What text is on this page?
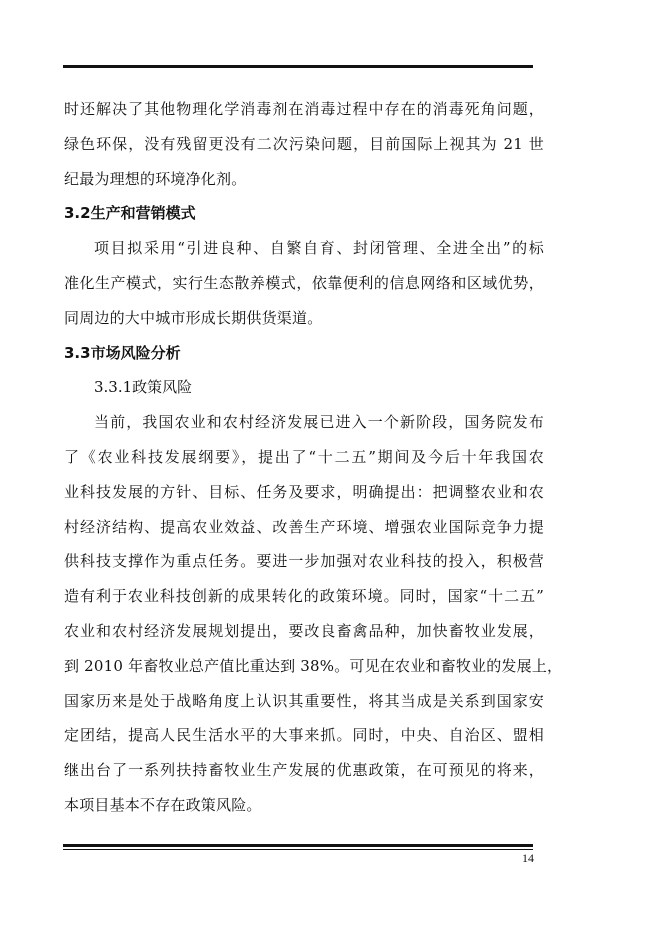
时还解决了其他物理化学消毒剂在消毒过程中存在的消毒死角问题，
绿色环保，没有残留更没有二次污染问题，目前国际上视其为 21 世
纪最为理想的环境净化剂。
3.2生产和营销模式
项目拟采用“引进良种、自繁自育、封闭管理、全进全出”的标
准化生产模式，实行生态散养模式，依靠便利的信息网络和区域优势，
同周边的大中城市形成长期供货渠道。
3.3市场风险分析
3.3.1政策风险
当前，我国农业和农村经济发展已进入一个新阶段，国务院发布
了《农业科技发展纲要》，提出了“十二五”期间及今后十年我国农
业科技发展的方针、目标、任务及要求，明确提出：把调整农业和农
村经济结构、提高农业效益、改善生产环境、增强农业国际竞争力提
供科技支撑作为重点任务。要进一步加强对农业科技的投入，积极营
造有利于农业科技创新的成果转化的政策环境。同时，国家“十二五”
农业和农村经济发展规划提出，要改良畜禽品种，加快畜牧业发展，
到 2010 年畜牧业总产值比重达到 38%。可见在农业和畜牧业的发展上，
国家历来是处于战略角度上认识其重要性，将其当成是关系到国家安
定团结，提高人民生活水平的大事来抓。同时，中央、自治区、盟相
继出台了一系列扶持畜牧业生产发展的优惠政策，在可预见的将来，
本项目基本不存在政策风险。
14
